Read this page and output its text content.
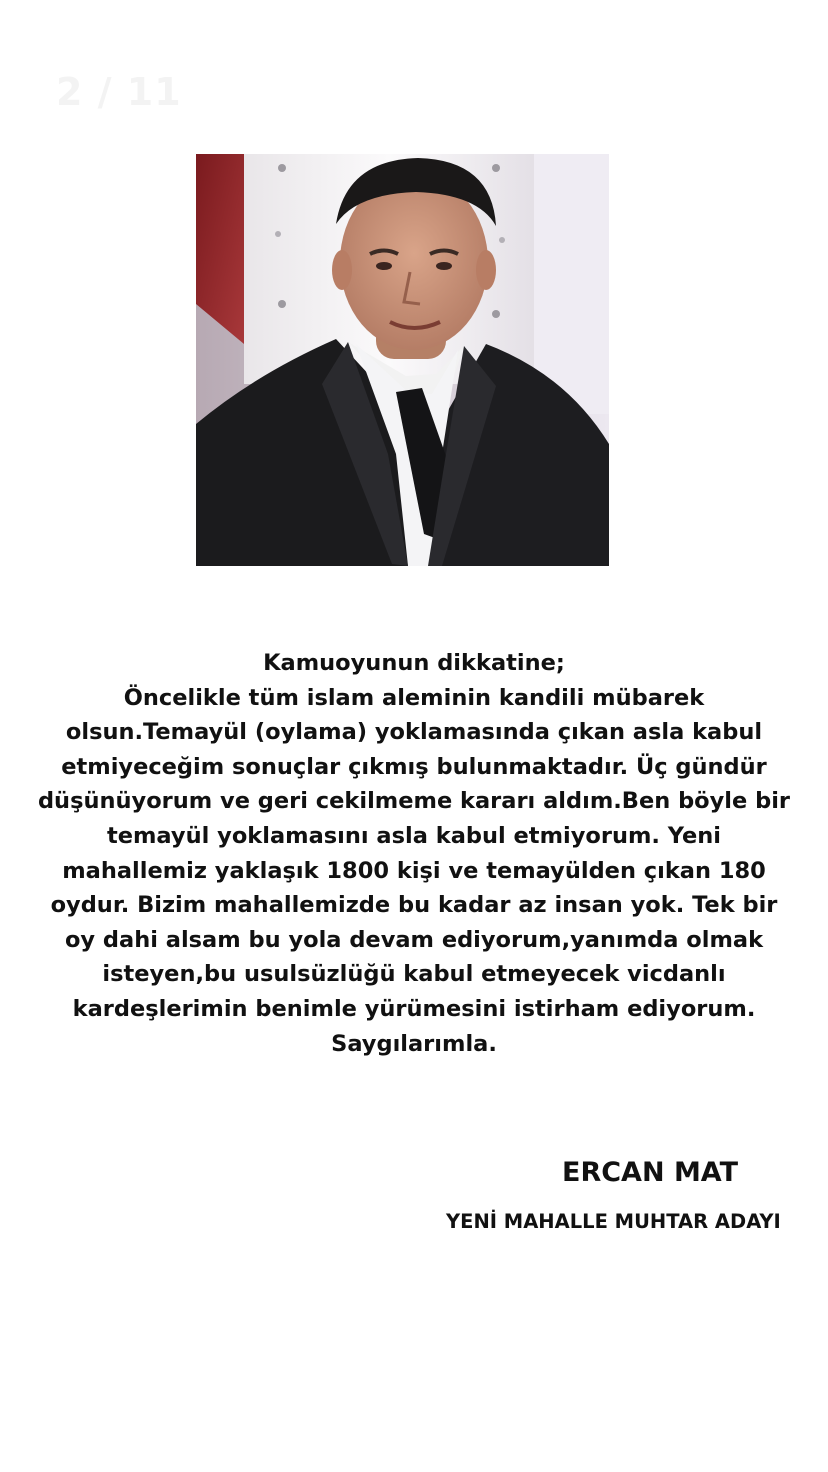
2 / 11
Kamuoyunun dikkatine;
Öncelikle tüm islam aleminin kandili mübarek
olsun.Temayül (oylama) yoklamasında çıkan asla kabul
etmiyeceğim sonuçlar çıkmış bulunmaktadır. Üç gündür
düşünüyorum ve geri cekilmeme kararı aldım.Ben böyle bir
temayül yoklamasını asla kabul etmiyorum. Yeni
mahallemiz yaklaşık 1800 kişi ve temayülden çıkan 180
oydur. Bizim mahallemizde bu kadar az insan yok. Tek bir
oy dahi alsam bu yola devam ediyorum,yanımda olmak
isteyen,bu usulsüzlüğü kabul etmeyecek vicdanlı
kardeşlerimin benimle yürümesini istirham ediyorum.
Saygılarımla.
ERCAN MAT
YENİ MAHALLE MUHTAR ADAYI
